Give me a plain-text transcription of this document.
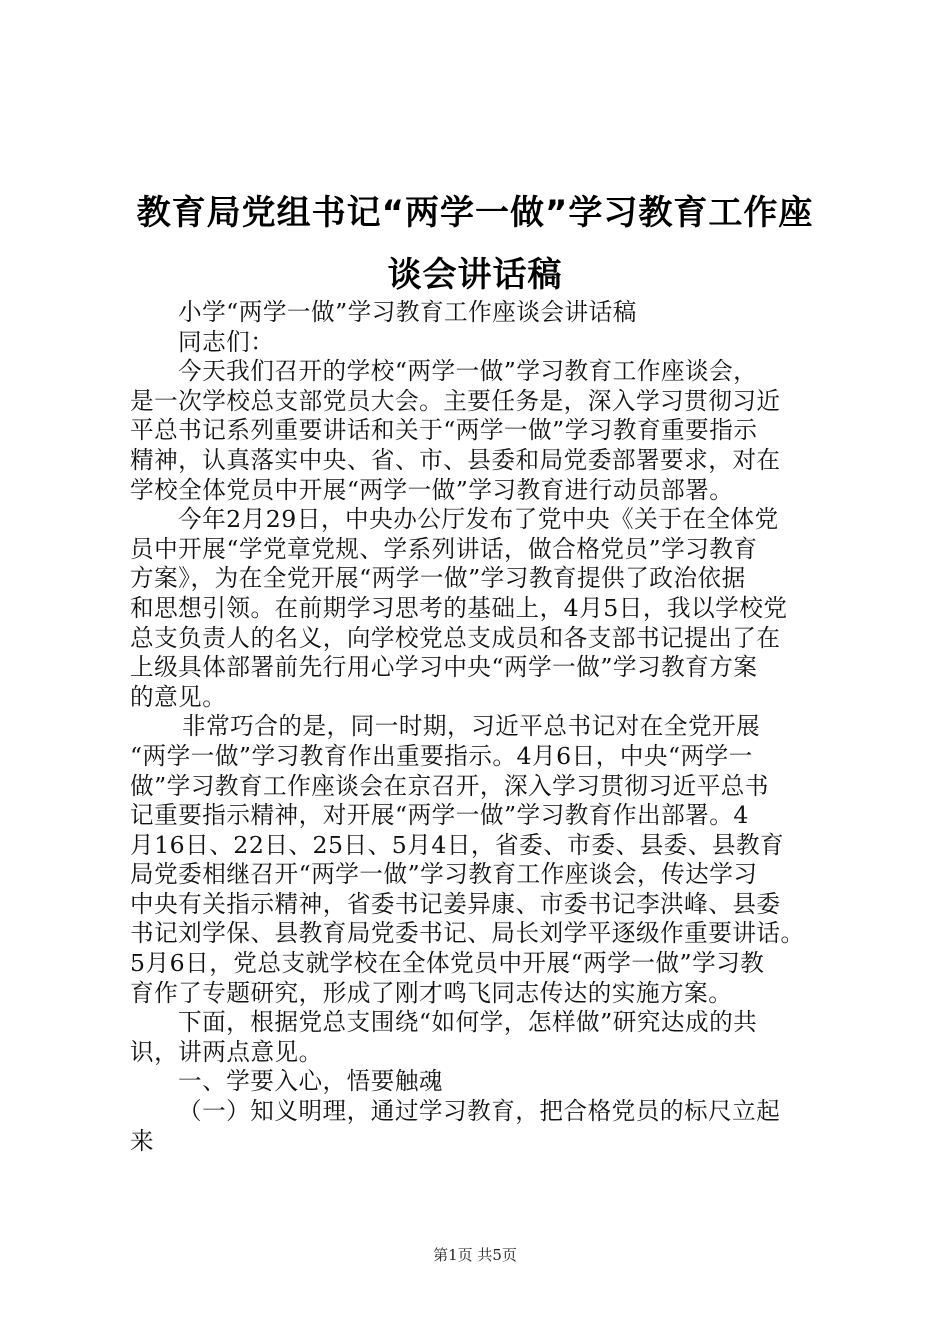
教育局党组书记“两学一做”学习教育工作座
谈会讲话稿
小学“两学一做”学习教育工作座谈会讲话稿
同志们：
今天我们召开的学校“两学一做”学习教育工作座谈会，
是一次学校总支部党员大会。主要任务是，深入学习贯彻习近
平总书记系列重要讲话和关于“两学一做”学习教育重要指示
精神，认真落实中央、省、市、县委和局党委部署要求，对在
学校全体党员中开展“两学一做”学习教育进行动员部署。
今年2月29日，中央办公厅发布了党中央《关于在全体党
员中开展“学党章党规、学系列讲话，做合格党员”学习教育
方案》，为在全党开展“两学一做”学习教育提供了政治依据
和思想引领。在前期学习思考的基础上，4月5日，我以学校党
总支负责人的名义，向学校党总支成员和各支部书记提出了在
上级具体部署前先行用心学习中央“两学一做”学习教育方案
的意见。
非常巧合的是，同一时期，习近平总书记对在全党开展
“两学一做”学习教育作出重要指示。4月6日，中央“两学一
做”学习教育工作座谈会在京召开，深入学习贯彻习近平总书
记重要指示精神，对开展“两学一做”学习教育作出部署。4
月16日、22日、25日、5月4日，省委、市委、县委、县教育
局党委相继召开“两学一做”学习教育工作座谈会，传达学习
中央有关指示精神，省委书记姜异康、市委书记李洪峰、县委
书记刘学保、县教育局党委书记、局长刘学平逐级作重要讲话。
5月6日，党总支就学校在全体党员中开展“两学一做”学习教
育作了专题研究，形成了刚才鸣飞同志传达的实施方案。
下面，根据党总支围绕“如何学，怎样做”研究达成的共
识，讲两点意见。
一、学要入心，悟要触魂
（一）知义明理，通过学习教育，把合格党员的标尺立起
来
第1页 共5页
